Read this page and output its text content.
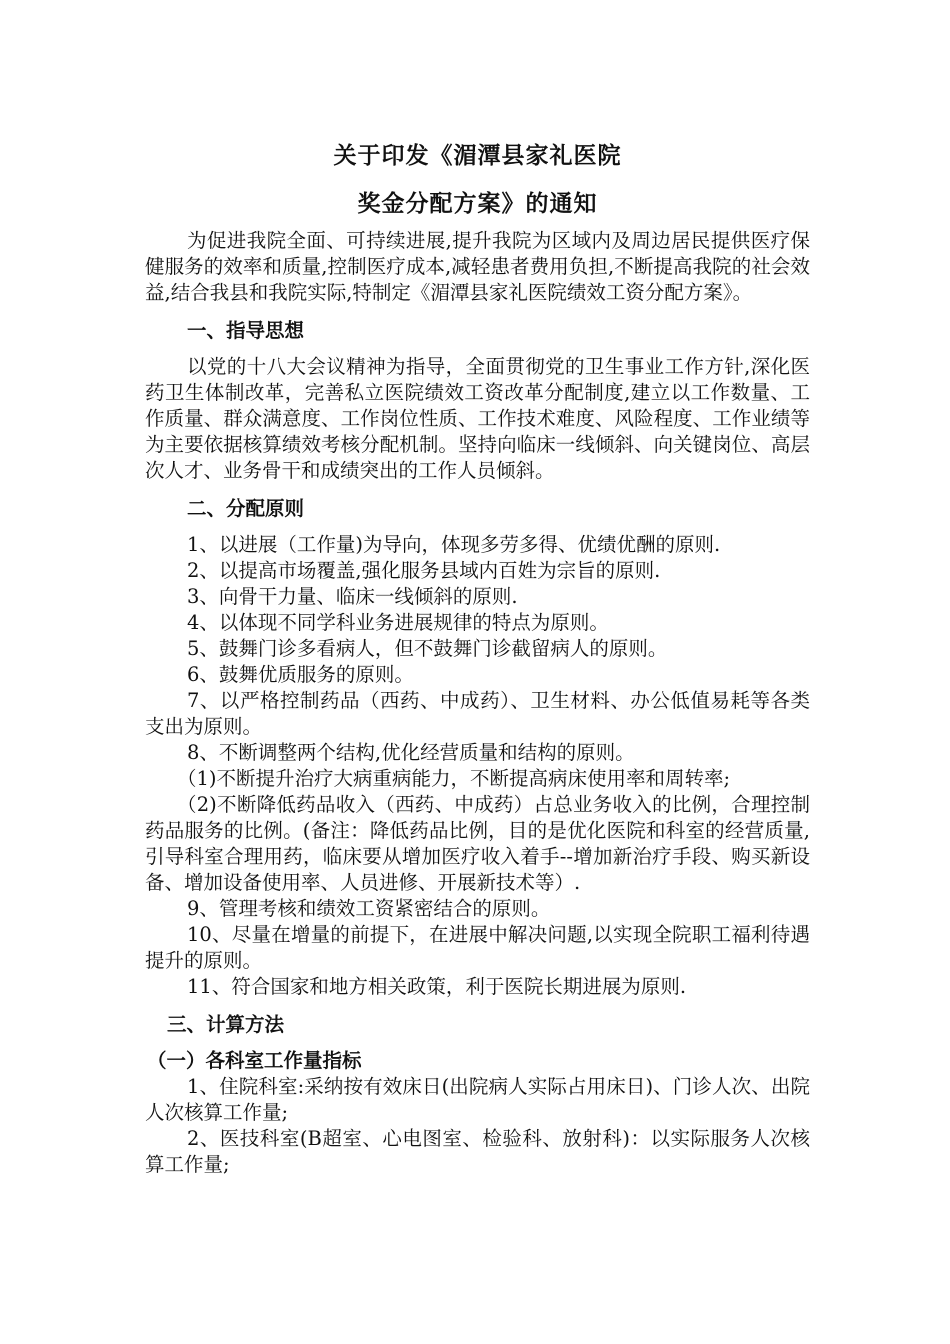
关于印发《湄潭县家礼医院
奖金分配方案》的通知

为促进我院全面、可持续进展,提升我院为区域内及周边居民提供医疗保健服务的效率和质量,控制医疗成本,减轻患者费用负担,不断提高我院的社会效益,结合我县和我院实际,特制定《湄潭县家礼医院绩效工资分配方案》。

一、指导思想

以党的十八大会议精神为指导，全面贯彻党的卫生事业工作方针,深化医药卫生体制改革，完善私立医院绩效工资改革分配制度,建立以工作数量、工作质量、群众满意度、工作岗位性质、工作技术难度、风险程度、工作业绩等为主要依据核算绩效考核分配机制。坚持向临床一线倾斜、向关键岗位、高层次人才、业务骨干和成绩突出的工作人员倾斜。

二、分配原则

1、以进展（工作量)为导向，体现多劳多得、优绩优酬的原则.

2、以提高市场覆盖,强化服务县域内百姓为宗旨的原则.

3、向骨干力量、临床一线倾斜的原则.

4、以体现不同学科业务进展规律的特点为原则。

5、鼓舞门诊多看病人，但不鼓舞门诊截留病人的原则。

6、鼓舞优质服务的原则。

7、以严格控制药品（西药、中成药）、卫生材料、办公低值易耗等各类支出为原则。

8、不断调整两个结构,优化经营质量和结构的原则。

（1)不断提升治疗大病重病能力，不断提高病床使用率和周转率;

（2)不断降低药品收入（西药、中成药）占总业务收入的比例，合理控制药品服务的比例。(备注：降低药品比例，目的是优化医院和科室的经营质量,引导科室合理用药，临床要从增加医疗收入着手--增加新治疗手段、购买新设备、增加设备使用率、人员进修、开展新技术等）.

9、管理考核和绩效工资紧密结合的原则。

10、尽量在增量的前提下，在进展中解决问题,以实现全院职工福利待遇提升的原则。

11、符合国家和地方相关政策，利于医院长期进展为原则.

三、计算方法
（一）各科室工作量指标

1、住院科室:采纳按有效床日(出院病人实际占用床日)、门诊人次、出院人次核算工作量;

2、医技科室(B超室、心电图室、检验科、放射科)：以实际服务人次核算工作量;
